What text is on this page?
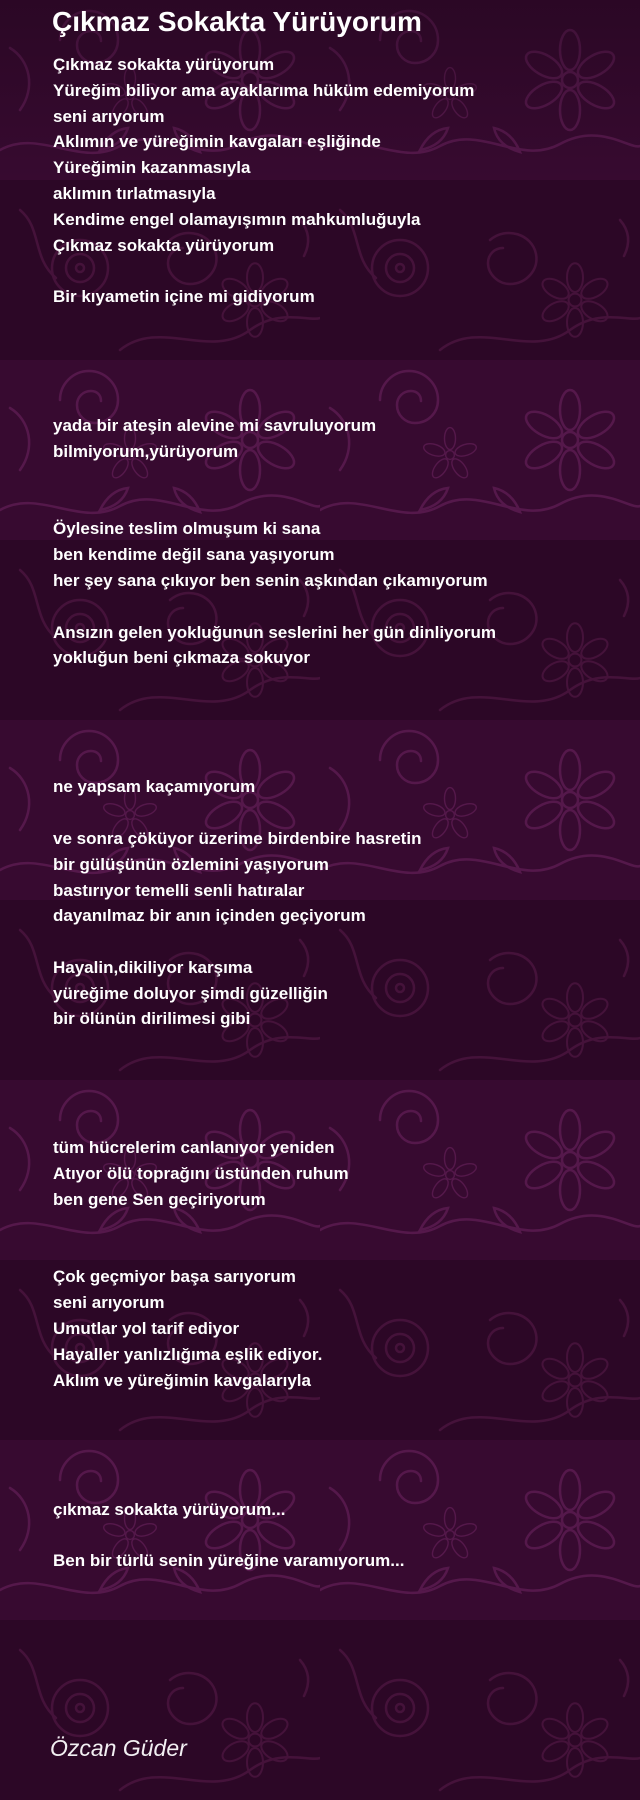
Çıkmaz Sokakta Yürüyorum
Çıkmaz sokakta yürüyorum
Yüreğim biliyor ama ayaklarıma hüküm edemiyorum
seni arıyorum
Aklımın ve yüreğimin kavgaları eşliğinde
Yüreğimin kazanmasıyla
aklımın tırlatmasıyla
Kendime engel olamayışımın mahkumluğuyla
Çıkmaz sokakta yürüyorum

Bir kıyametin içine mi gidiyorum

yada bir ateşin alevine mi savruluyorum
bilmiyorum,yürüyorum

Öylesine teslim olmuşum ki sana
ben kendime değil sana yaşıyorum
her şey sana çıkıyor ben senin aşkından çıkamıyorum

Ansızın gelen yokluğunun seslerini her gün dinliyorum
yokluğun beni çıkmaza sokuyor

ne yapsam kaçamıyorum

ve sonra çöküyor üzerime birdenbire hasretin
bir gülüşünün özlemini yaşıyorum
bastırıyor temelli senli hatıralar
dayanılmaz bir anın içinden geçiyorum

Hayalin,dikiliyor karşıma
yüreğime doluyor şimdi güzelliğin
bir ölünün dirilimesi gibi

tüm hücrelerim canlanıyor yeniden
Atıyor ölü toprağını üstünden ruhum
ben gene Sen geçiriyorum

Çok geçmiyor başa sarıyorum
seni arıyorum
Umutlar yol tarif ediyor
Hayaller yanlızlığıma eşlik ediyor.
Aklım ve yüreğimin kavgalarıyla

çıkmaz sokakta yürüyorum...

Ben bir türlü senin yüreğine varamıyorum...
Özcan Güder
